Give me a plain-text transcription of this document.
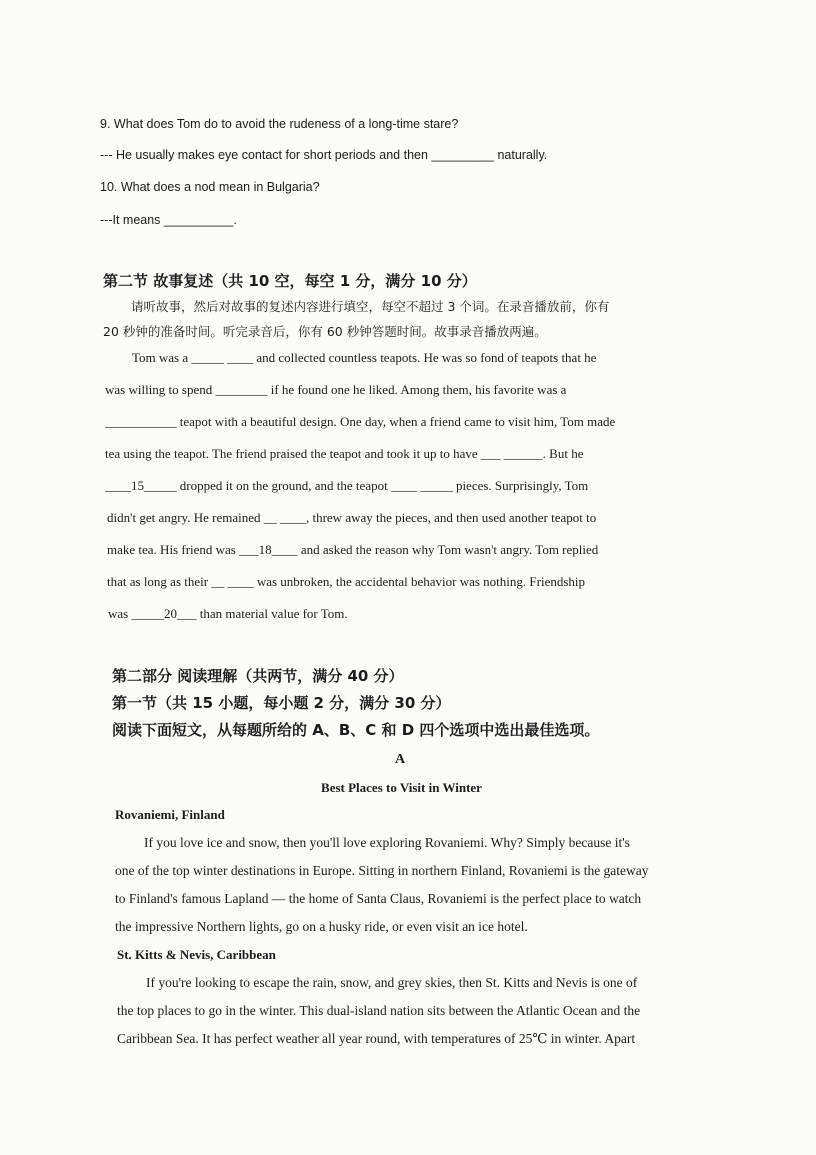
9. What does Tom do to avoid the rudeness of a long-time stare?
--- He usually makes eye contact for short periods and then _________ naturally.
10. What does a nod mean in Bulgaria?
---It means __________.
第二节 故事复述（共 10 空，每空 1 分，满分 10 分）
请听故事，然后对故事的复述内容进行填空，每空不超过 3 个词。在录音播放前，你有
20 秒钟的准备时间。听完录音后，你有 60 秒钟答题时间。故事录音播放两遍。
Tom was a _____ ____ and collected countless teapots. He was so fond of teapots that he
was willing to spend ________ if he found one he liked. Among them, his favorite was a
___________ teapot with a beautiful design. One day, when a friend came to visit him, Tom made
tea using the teapot. The friend praised the teapot and took it up to have ___ ______. But he
____15_____ dropped it on the ground, and the teapot ____ _____ pieces. Surprisingly, Tom
didn't get angry. He remained __ ____, threw away the pieces, and then used another teapot to
make tea. His friend was ___18____ and asked the reason why Tom wasn't angry. Tom replied
that as long as their __ ____ was unbroken, the accidental behavior was nothing. Friendship
was _____20___ than material value for Tom.
第二部分 阅读理解（共两节，满分 40 分）
第一节（共 15 小题，每小题 2 分，满分 30 分）
阅读下面短文，从每题所给的 A、B、C 和 D 四个选项中选出最佳选项。
A
Best Places to Visit in Winter
Rovaniemi, Finland
If you love ice and snow, then you'll love exploring Rovaniemi. Why? Simply because it's
one of the top winter destinations in Europe. Sitting in northern Finland, Rovaniemi is the gateway
to Finland's famous Lapland — the home of Santa Claus, Rovaniemi is the perfect place to watch
the impressive Northern lights, go on a husky ride, or even visit an ice hotel.
St. Kitts & Nevis, Caribbean
If you're looking to escape the rain, snow, and grey skies, then St. Kitts and Nevis is one of
the top places to go in the winter. This dual-island nation sits between the Atlantic Ocean and the
Caribbean Sea. It has perfect weather all year round, with temperatures of 25℃ in winter. Apart
